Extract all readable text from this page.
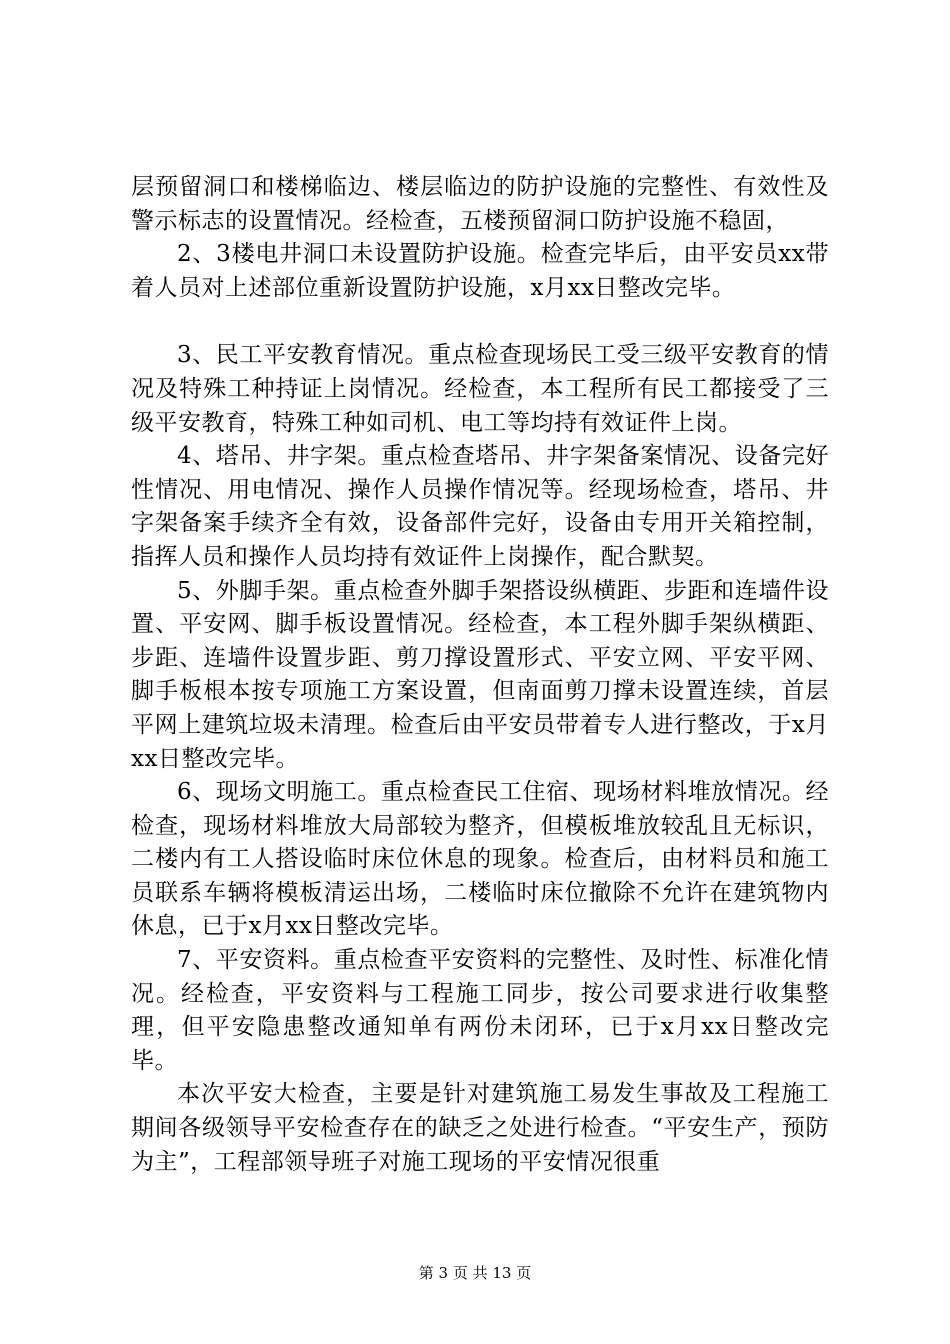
层预留洞口和楼梯临边、楼层临边的防护设施的完整性、有效性及警示标志的设置情况。经检查，五楼预留洞口防护设施不稳固，

2、3楼电井洞口未设置防护设施。检查完毕后，由平安员xx带着人员对上述部位重新设置防护设施，x月xx日整改完毕。

3、民工平安教育情况。重点检查现场民工受三级平安教育的情况及特殊工种持证上岗情况。经检查，本工程所有民工都接受了三级平安教育，特殊工种如司机、电工等均持有效证件上岗。

4、塔吊、井字架。重点检查塔吊、井字架备案情况、设备完好性情况、用电情况、操作人员操作情况等。经现场检查，塔吊、井字架备案手续齐全有效，设备部件完好，设备由专用开关箱控制，指挥人员和操作人员均持有效证件上岗操作，配合默契。

5、外脚手架。重点检查外脚手架搭设纵横距、步距和连墙件设置、平安网、脚手板设置情况。经检查，本工程外脚手架纵横距、步距、连墙件设置步距、剪刀撑设置形式、平安立网、平安平网、脚手板根本按专项施工方案设置，但南面剪刀撑未设置连续，首层平网上建筑垃圾未清理。检查后由平安员带着专人进行整改，于x月xx日整改完毕。

6、现场文明施工。重点检查民工住宿、现场材料堆放情况。经检查，现场材料堆放大局部较为整齐，但模板堆放较乱且无标识，二楼内有工人搭设临时床位休息的现象。检查后，由材料员和施工员联系车辆将模板清运出场，二楼临时床位撤除不允许在建筑物内休息，已于x月xx日整改完毕。

7、平安资料。重点检查平安资料的完整性、及时性、标准化情况。经检查，平安资料与工程施工同步，按公司要求进行收集整理，但平安隐患整改通知单有两份未闭环，已于x月xx日整改完毕。

本次平安大检查，主要是针对建筑施工易发生事故及工程施工期间各级领导平安检查存在的缺乏之处进行检查。“平安生产，预防为主”，工程部领导班子对施工现场的平安情况很重

第 3 页 共 13 页
